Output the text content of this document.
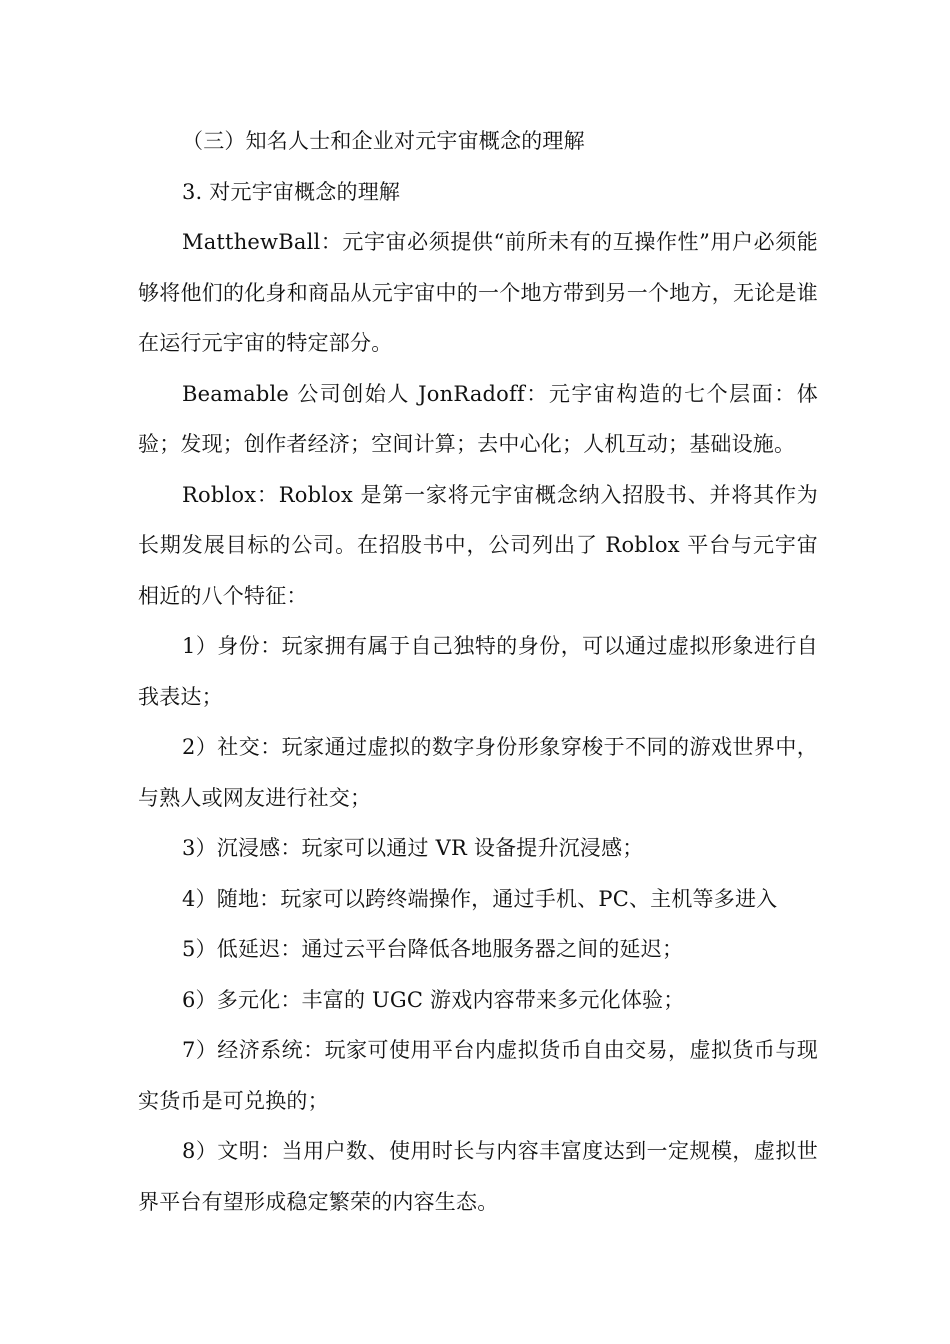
（三）知名人士和企业对元宇宙概念的理解

3. 对元宇宙概念的理解

MatthewBall：元宇宙必须提供“前所未有的互操作性”用户必须能够将他们的化身和商品从元宇宙中的一个地方带到另一个地方，无论是谁在运行元宇宙的特定部分。

Beamable 公司创始人 JonRadoff：元宇宙构造的七个层面：体验；发现；创作者经济；空间计算；去中心化；人机互动；基础设施。

Roblox：Roblox 是第一家将元宇宙概念纳入招股书、并将其作为长期发展目标的公司。在招股书中，公司列出了 Roblox 平台与元宇宙相近的八个特征：

1）身份：玩家拥有属于自己独特的身份，可以通过虚拟形象进行自我表达；

2）社交：玩家通过虚拟的数字身份形象穿梭于不同的游戏世界中，与熟人或网友进行社交；

3）沉浸感：玩家可以通过 VR 设备提升沉浸感；

4）随地：玩家可以跨终端操作，通过手机、PC、主机等多进入

5）低延迟：通过云平台降低各地服务器之间的延迟；

6）多元化：丰富的 UGC 游戏内容带来多元化体验；

7）经济系统：玩家可使用平台内虚拟货币自由交易，虚拟货币与现实货币是可兑换的；

8）文明：当用户数、使用时长与内容丰富度达到一定规模，虚拟世界平台有望形成稳定繁荣的内容生态。
